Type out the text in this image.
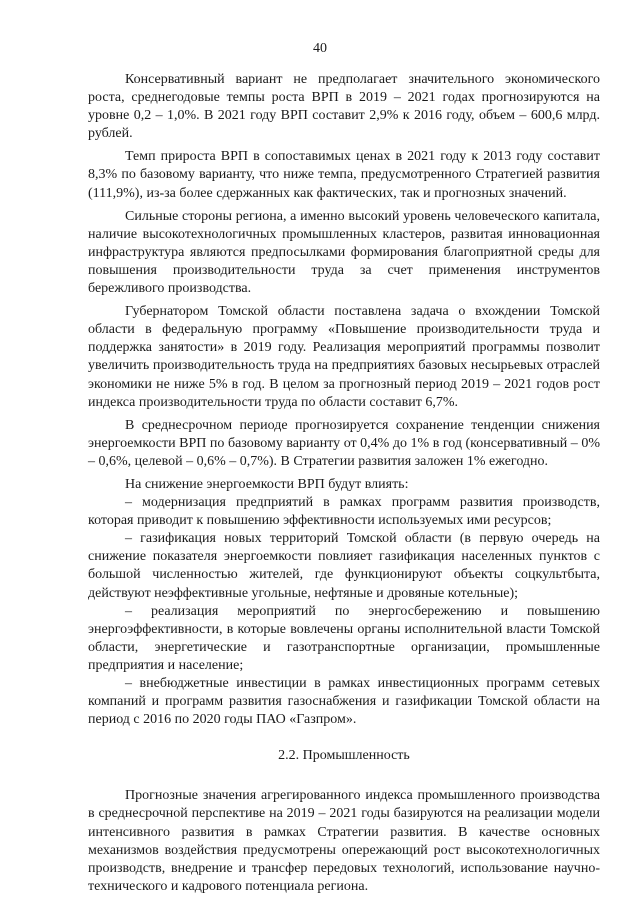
40

Консервативный вариант не предполагает значительного экономического роста, среднегодовые темпы роста ВРП в 2019 – 2021 годах прогнозируются на уровне 0,2 – 1,0%. В 2021 году ВРП составит 2,9% к 2016 году, объем – 600,6 млрд. рублей.

Темп прироста ВРП в сопоставимых ценах в 2021 году к 2013 году составит 8,3% по базовому варианту, что ниже темпа, предусмотренного Стратегией развития (111,9%), из-за более сдержанных как фактических, так и прогнозных значений.

Сильные стороны региона, а именно высокий уровень человеческого капитала, наличие высокотехнологичных промышленных кластеров, развитая инновационная инфраструктура являются предпосылками формирования благоприятной среды для повышения производительности труда за счет применения инструментов бережливого производства.

Губернатором Томской области поставлена задача о вхождении Томской области в федеральную программу «Повышение производительности труда и поддержка занятости» в 2019 году. Реализация мероприятий программы позволит увеличить производительность труда на предприятиях базовых несырьевых отраслей экономики не ниже 5% в год. В целом за прогнозный период 2019 – 2021 годов рост индекса производительности труда по области составит 6,7%.

В среднесрочном периоде прогнозируется сохранение тенденции снижения энергоемкости ВРП по базовому варианту от 0,4% до 1% в год (консервативный – 0% – 0,6%, целевой – 0,6% – 0,7%). В Стратегии развития заложен 1% ежегодно.

На снижение энергоемкости ВРП будут влиять:

– модернизация предприятий в рамках программ развития производств, которая приводит к повышению эффективности используемых ими ресурсов;

– газификация новых территорий Томской области (в первую очередь на снижение показателя энергоемкости повлияет газификация населенных пунктов с большой численностью жителей, где функционируют объекты соцкультбыта, действуют неэффективные угольные, нефтяные и дровяные котельные);

– реализация мероприятий по энергосбережению и повышению энергоэффективности, в которые вовлечены органы исполнительной власти Томской области, энергетические и газотранспортные организации, промышленные предприятия и население;

– внебюджетные инвестиции в рамках инвестиционных программ сетевых компаний и программ развития газоснабжения и газификации Томской области на период с 2016 по 2020 годы ПАО «Газпром».

2.2. Промышленность

Прогнозные значения агрегированного индекса промышленного производства в среднесрочной перспективе на 2019 – 2021 годы базируются на реализации модели интенсивного развития в рамках Стратегии развития. В качестве основных механизмов воздействия предусмотрены опережающий рост высокотехнологичных производств, внедрение и трансфер передовых технологий, использование научно-технического и кадрового потенциала региона.
